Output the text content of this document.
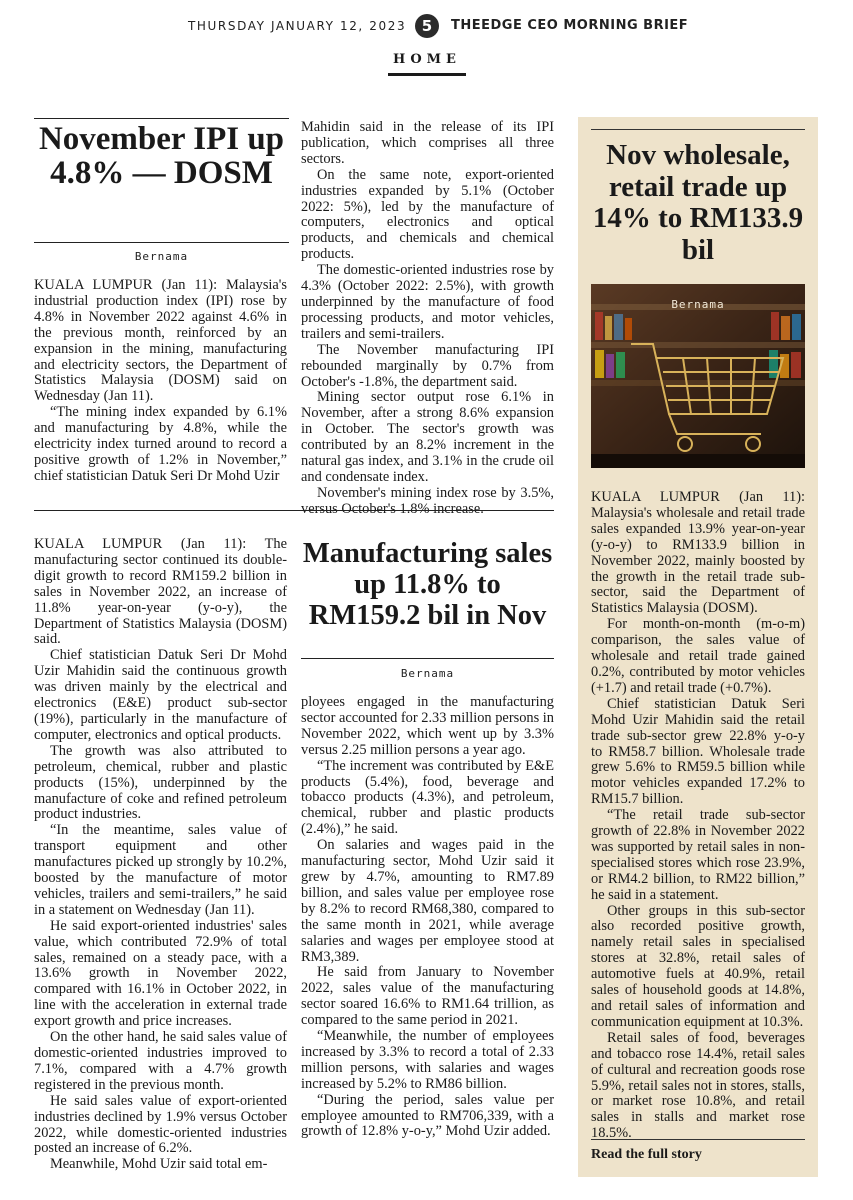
THURSDAY JANUARY 12, 2023	5	THEEDGE CEO MORNING BRIEF
HOME
November IPI up 4.8% — DOSM
Bernama

KUALA LUMPUR (Jan 11): Malaysia's industrial production index (IPI) rose by 4.8% in November 2022 against 4.6% in the previous month, reinforced by an expansion in the mining, manufacturing and electricity sectors, the Department of Statistics Malaysia (DOSM) said on Wednesday (Jan 11).

“The mining index expanded by 6.1% and manufacturing by 4.8%, while the electricity index turned around to record a positive growth of 1.2% in November,” chief statistician Datuk Seri Dr Mohd Uzir

Mahidin said in the release of its IPI publication, which comprises all three sectors.

On the same note, export-oriented industries expanded by 5.1% (October 2022: 5%), led by the manufacture of computers, electronics and optical products, and chemicals and chemical products.

The domestic-oriented industries rose by 4.3% (October 2022: 2.5%), with growth underpinned by the manufacture of food processing products, and motor vehicles, trailers and semi-trailers.

The November manufacturing IPI rebounded marginally by 0.7% from October's -1.8%, the department said.

Mining sector output rose 6.1% in November, after a strong 8.6% expansion in October. The sector's growth was contributed by an 8.2% increment in the natural gas index, and 3.1% in the crude oil and condensate index.

November's mining index rose by 3.5%, versus October's 1.8% increase.

KUALA LUMPUR (Jan 11): The manufacturing sector continued its double-digit growth to record RM159.2 billion in sales in November 2022, an increase of 11.8% year-on-year (y-o-y), the Department of Statistics Malaysia (DOSM) said.

Chief statistician Datuk Seri Dr Mohd Uzir Mahidin said the continuous growth was driven mainly by the electrical and electronics (E&E) product sub-sector (19%), particularly in the manufacture of computer, electronics and optical products.

The growth was also attributed to petroleum, chemical, rubber and plastic products (15%), underpinned by the manufacture of coke and refined petroleum product industries.

“In the meantime, sales value of transport equipment and other manufactures picked up strongly by 10.2%, boosted by the manufacture of motor vehicles, trailers and semi-trailers,” he said in a statement on Wednesday (Jan 11).

He said export-oriented industries' sales value, which contributed 72.9% of total sales, remained on a steady pace, with a 13.6% growth in November 2022, compared with 16.1% in October 2022, in line with the acceleration in external trade export growth and price increases.

On the other hand, he said sales value of domestic-oriented industries improved to 7.1%, compared with a 4.7% growth registered in the previous month.

He said sales value of export-oriented industries declined by 1.9% versus October 2022, while domestic-oriented industries posted an increase of 6.2%.

Meanwhile, Mohd Uzir said total em-

Manufacturing sales up 11.8% to RM159.2 bil in Nov
Bernama

ployees engaged in the manufacturing sector accounted for 2.33 million persons in November 2022, which went up by 3.3% versus 2.25 million persons a year ago.

“The increment was contributed by E&E products (5.4%), food, beverage and tobacco products (4.3%), and petroleum, chemical, rubber and plastic products (2.4%),” he said.

On salaries and wages paid in the manufacturing sector, Mohd Uzir said it grew by 4.7%, amounting to RM7.89 billion, and sales value per employee rose by 8.2% to record RM68,380, compared to the same month in 2021, while average salaries and wages per employee stood at RM3,389.

He said from January to November 2022, sales value of the manufacturing sector soared 16.6% to RM1.64 trillion, as compared to the same period in 2021.

“Meanwhile, the number of employees increased by 3.3% to record a total of 2.33 million persons, with salaries and wages increased by 5.2% to RM86 billion.

“During the period, sales value per employee amounted to RM706,339, with a growth of 12.8% y-o-y,” Mohd Uzir added.

Nov wholesale, retail trade up 14% to RM133.9 bil
Bernama

KUALA LUMPUR (Jan 11): Malaysia's wholesale and retail trade sales expanded 13.9% year-on-year (y-o-y) to RM133.9 billion in November 2022, mainly boosted by the growth in the retail trade sub-sector, said the Department of Statistics Malaysia (DOSM).

For month-on-month (m-o-m) comparison, the sales value of wholesale and retail trade gained 0.2%, contributed by motor vehicles (+1.7) and retail trade (+0.7%).

Chief statistician Datuk Seri Mohd Uzir Mahidin said the retail trade sub-sector grew 22.8% y-o-y to RM58.7 billion. Wholesale trade grew 5.6% to RM59.5 billion while motor vehicles expanded 17.2% to RM15.7 billion.

“The retail trade sub-sector growth of 22.8% in November 2022 was supported by retail sales in non-specialised stores which rose 23.9%, or RM4.2 billion, to RM22 billion,” he said in a statement.

Other groups in this sub-sector also recorded positive growth, namely retail sales in specialised stores at 32.8%, retail sales of automotive fuels at 40.9%, retail sales of household goods at 14.8%, and retail sales of information and communication equipment at 10.3%.

Retail sales of food, beverages and tobacco rose 14.4%, retail sales of cultural and recreation goods rose 5.9%, retail sales not in stores, stalls, or market rose 10.8%, and retail sales in stalls and market rose 18.5%.

Read the full story
